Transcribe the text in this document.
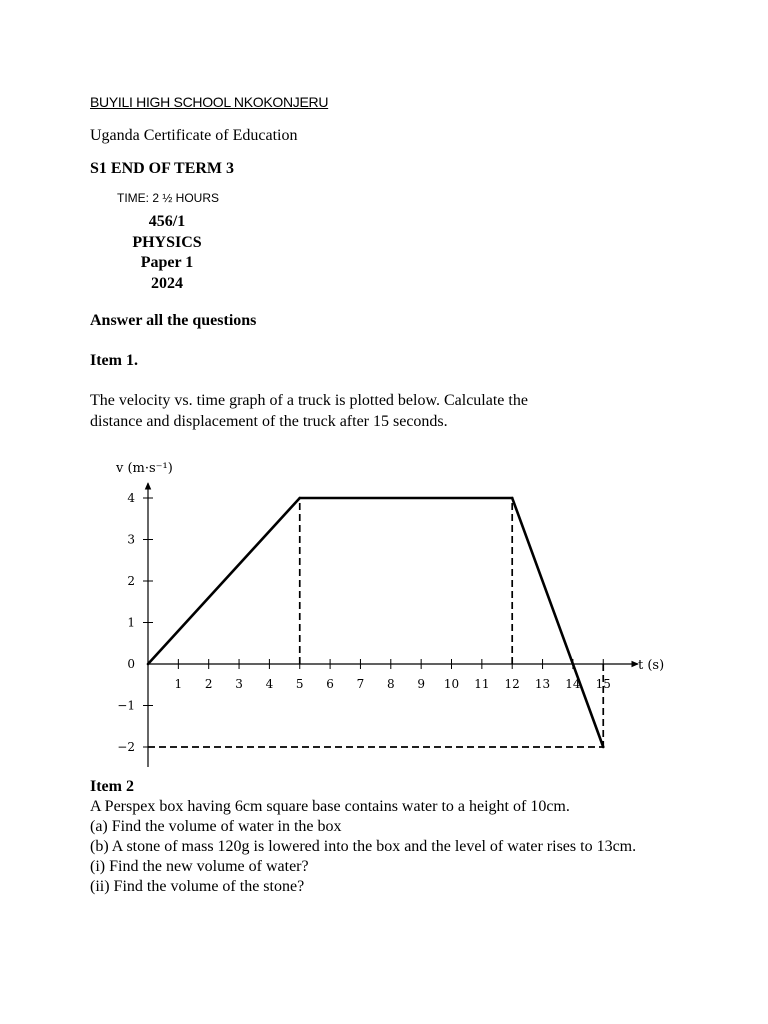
BUYILI HIGH SCHOOL NKOKONJERU
Uganda Certificate of Education
S1 END OF TERM 3
TIME: 2 ½ HOURS
456/1
PHYSICS
Paper 1
2024
Answer all the questions
Item 1.
The velocity vs. time graph of a truck is plotted below. Calculate the
distance and displacement of the truck after 15 seconds.
1 2 3 4 5 6 7 8 9 10 11 12 13 14 15
4
3
2
1
0
−1
−2
v (m·s⁻¹)
t (s)
Item 2
A Perspex box having 6cm square base contains water to a height of 10cm.
(a) Find the volume of water in the box
(b) A stone of mass 120g is lowered into the box and the level of water rises to 13cm.
(i) Find the new volume of water?
(ii) Find the volume of the stone?
